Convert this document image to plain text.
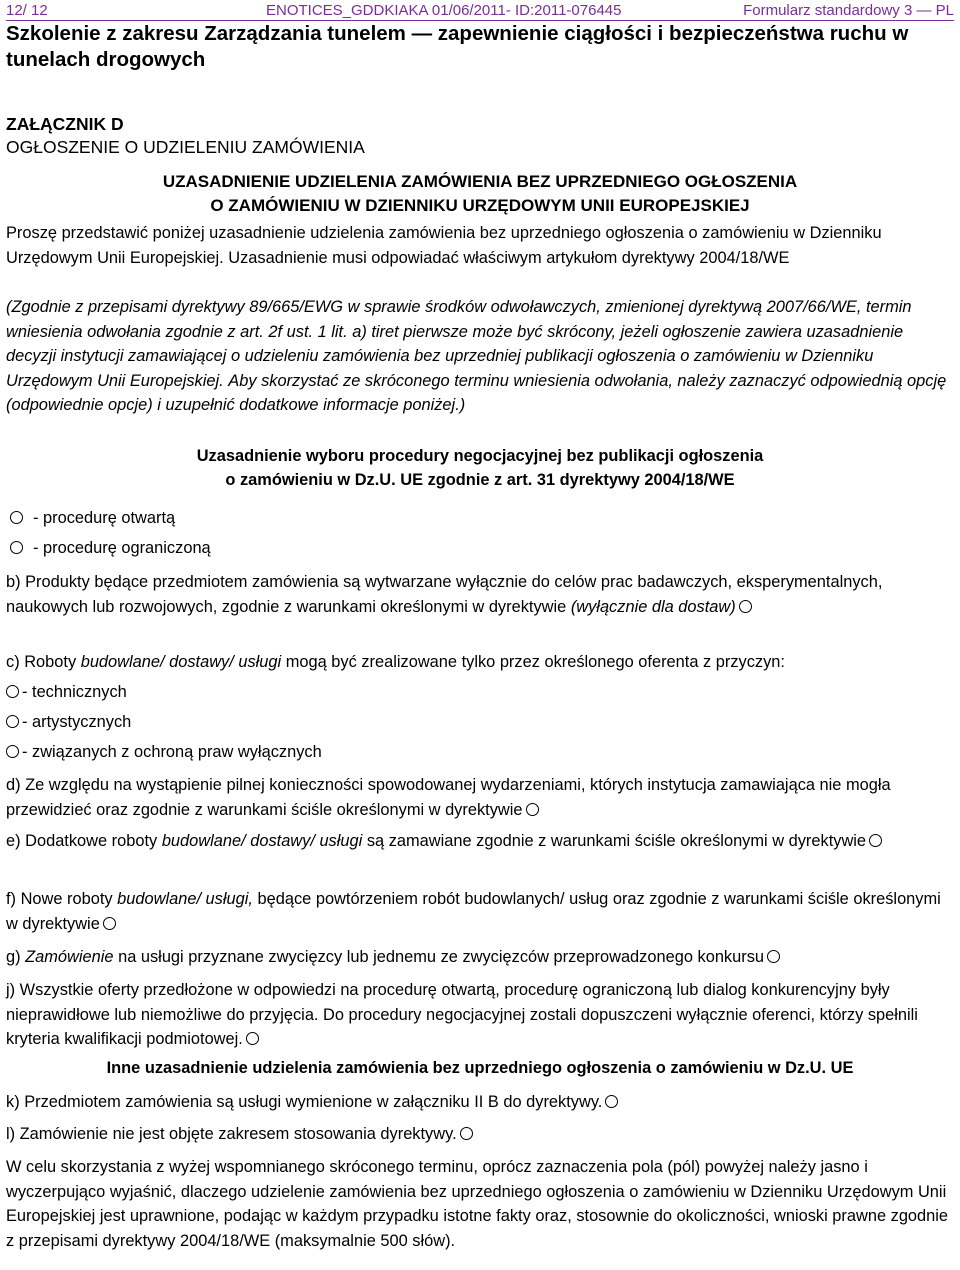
12/ 12	ENOTICES_GDDKIAKA 01/06/2011- ID:2011-076445	Formularz standardowy 3 — PL
Szkolenie z zakresu Zarządzania tunelem — zapewnienie ciągłości i bezpieczeństwa ruchu w tunelach drogowych
ZAŁĄCZNIK D
OGŁOSZENIE O UDZIELENIU ZAMÓWIENIA
UZASADNIENIE UDZIELENIA ZAMÓWIENIA BEZ UPRZEDNIEGO OGŁOSZENIA
O ZAMÓWIENIU W DZIENNIKU URZĘDOWYM UNII EUROPEJSKIEJ
Proszę przedstawić poniżej uzasadnienie udzielenia zamówienia bez uprzedniego ogłoszenia o zamówieniu w Dzienniku Urzędowym Unii Europejskiej. Uzasadnienie musi odpowiadać właściwym artykułom dyrektywy 2004/18/WE
(Zgodnie z przepisami dyrektywy 89/665/EWG w sprawie środków odwoławczych, zmienionej dyrektywą 2007/66/WE, termin wniesienia odwołania zgodnie z art. 2f ust. 1 lit. a) tiret pierwsze może być skrócony, jeżeli ogłoszenie zawiera uzasadnienie decyzji instytucji zamawiającej o udzieleniu zamówienia bez uprzedniej publikacji ogłoszenia o zamówieniu w Dzienniku Urzędowym Unii Europejskiej. Aby skorzystać ze skróconego terminu wniesienia odwołania, należy zaznaczyć odpowiednią opcję (odpowiednie opcje) i uzupełnić dodatkowe informacje poniżej.)
Uzasadnienie wyboru procedury negocjacyjnej bez publikacji ogłoszenia
o zamówieniu w Dz.U. UE zgodnie z art. 31 dyrektywy 2004/18/WE
- procedurę otwartą
- procedurę ograniczoną
b) Produkty będące przedmiotem zamówienia są wytwarzane wyłącznie do celów prac badawczych, eksperymentalnych, naukowych lub rozwojowych, zgodnie z warunkami określonymi w dyrektywie (wyłącznie dla dostaw)
c) Roboty budowlane/ dostawy/ usługi mogą być zrealizowane tylko przez określonego oferenta z przyczyn:
- technicznych
- artystycznych
- związanych z ochroną praw wyłącznych
d) Ze względu na wystąpienie pilnej konieczności spowodowanej wydarzeniami, których instytucja zamawiająca nie mogła przewidzieć oraz zgodnie z warunkami ściśle określonymi w dyrektywie
e) Dodatkowe roboty budowlane/ dostawy/ usługi są zamawiane zgodnie z warunkami ściśle określonymi w dyrektywie
f) Nowe roboty budowlane/ usługi, będące powtórzeniem robót budowlanych/ usług oraz zgodnie z warunkami ściśle określonymi w dyrektywie
g) Zamówienie na usługi przyznane zwycięzcy lub jednemu ze zwycięzców przeprowadzonego konkursu
j) Wszystkie oferty przedłożone w odpowiedzi na procedurę otwartą, procedurę ograniczoną lub dialog konkurencyjny były nieprawidłowe lub niemożliwe do przyjęcia. Do procedury negocjacyjnej zostali dopuszczeni wyłącznie oferenci, którzy spełnili kryteria kwalifikacji podmiotowej.
Inne uzasadnienie udzielenia zamówienia bez uprzedniego ogłoszenia o zamówieniu w Dz.U. UE
k) Przedmiotem zamówienia są usługi wymienione w załączniku II B do dyrektywy.
l) Zamówienie nie jest objęte zakresem stosowania dyrektywy.
W celu skorzystania z wyżej wspomnianego skróconego terminu, oprócz zaznaczenia pola (pól) powyżej należy jasno i wyczerpująco wyjaśnić, dlaczego udzielenie zamówienia bez uprzedniego ogłoszenia o zamówieniu w Dzienniku Urzędowym Unii Europejskiej jest uprawnione, podając w każdym przypadku istotne fakty oraz, stosownie do okoliczności, wnioski prawne zgodnie z przepisami dyrektywy 2004/18/WE (maksymalnie 500 słów).
